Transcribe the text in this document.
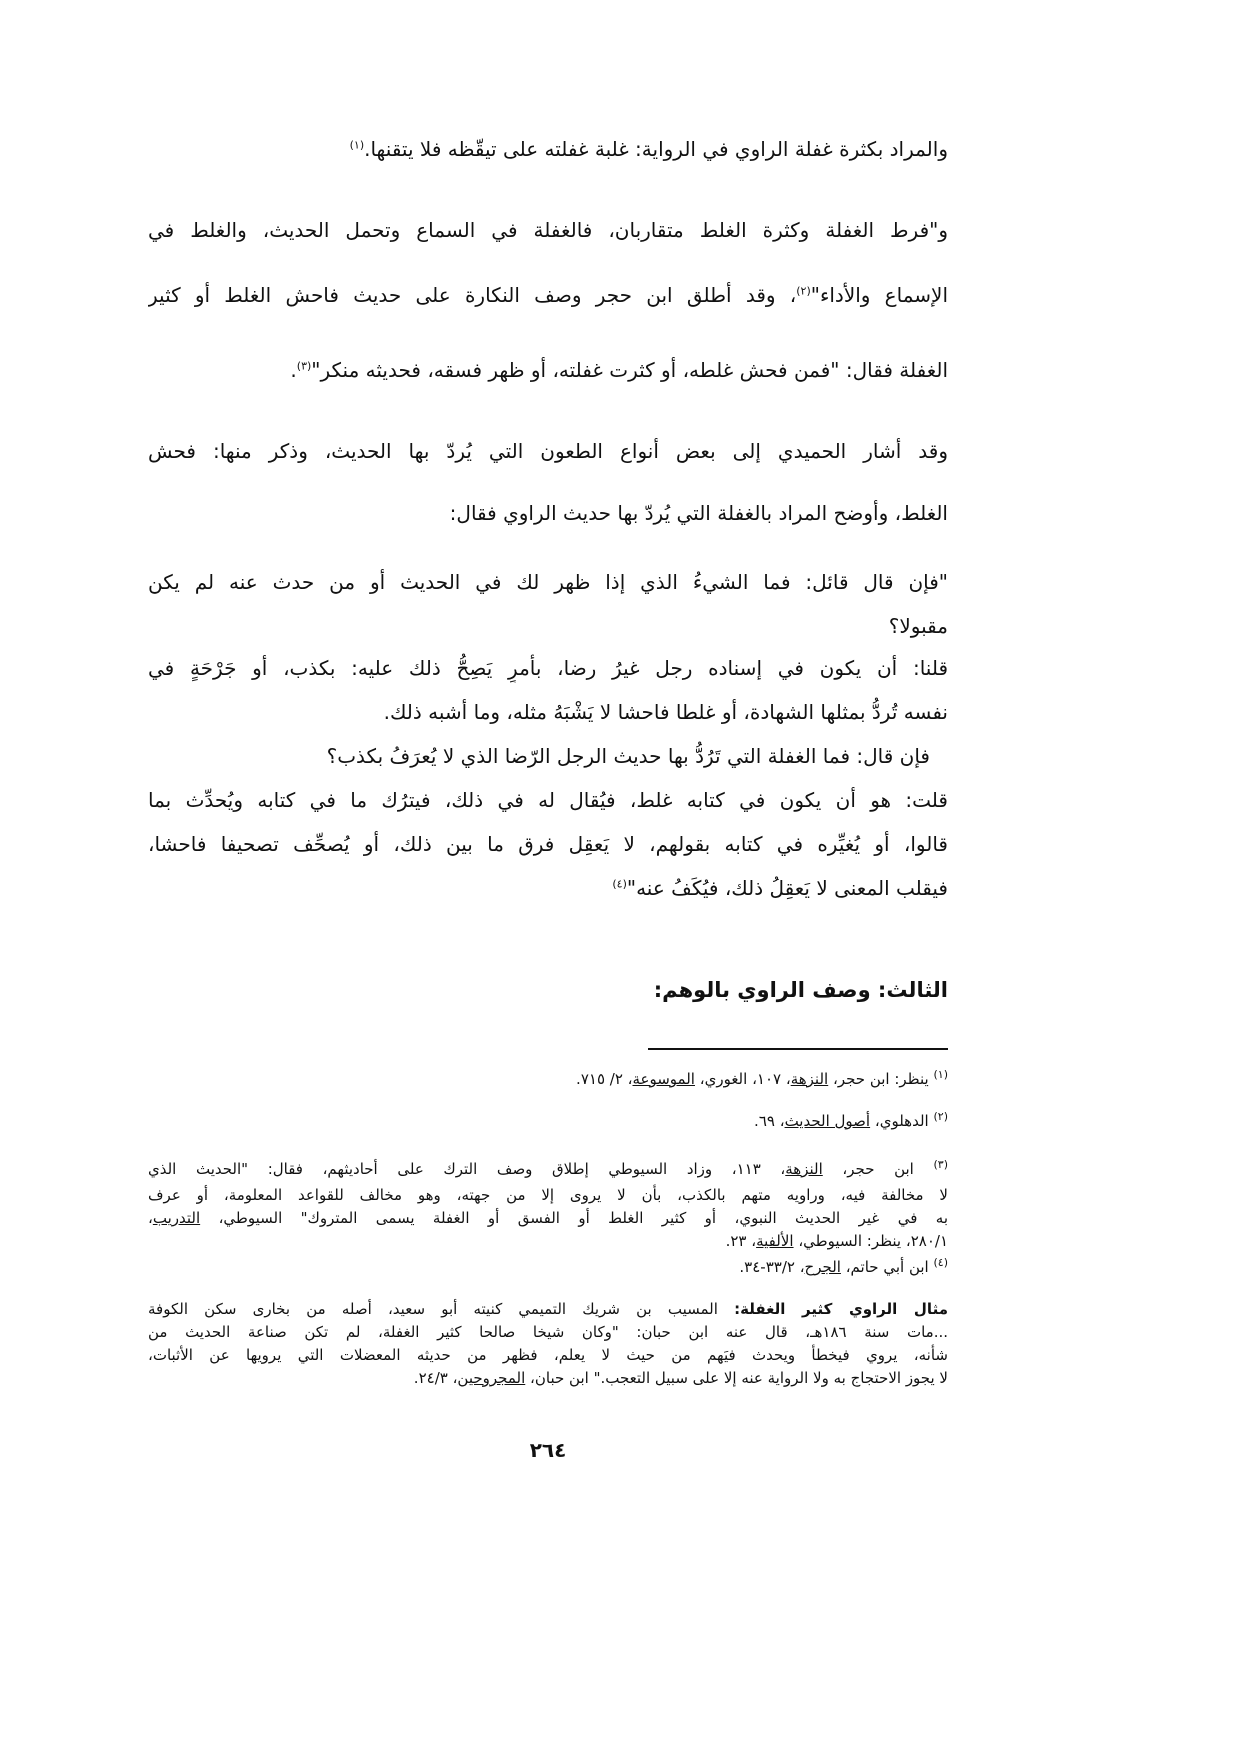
والمراد بكثرة غفلة الراوي في الرواية: غلبة غفلته على تيقّظه فلا يتقنها.$^{(١)}$
و"فرط الغفلة وكثرة الغلط متقاربان، فالغفلة في السماع وتحمل الحديث، والغلط في
الإسماع والأداء"$^{(٢)}$، وقد أطلق ابن حجر وصف النكارة على حديث فاحش الغلط أو كثير
الغفلة فقال: "فمن فحش غلطه، أو كثرت غفلته، أو ظهر فسقه، فحديثه منكر"$^{(٣)}$.
وقد أشار الحميدي إلى بعض أنواع الطعون التي يُردّ بها الحديث، وذكر منها: فحش
الغلط، وأوضح المراد بالغفلة التي يُردّ بها حديث الراوي فقال:
"فإن قال قائل: فما الشيءُ الذي إذا ظهر لك في الحديث أو من حدث عنه لم يكن
مقبولا؟
قلنا: أن يكون في إسناده رجل غيرُ رضا، بأمرٍ يَصِحُّ ذلك عليه: بكذب، أو جَرْحَةٍ في
نفسه تُردُّ بمثلها الشهادة، أو غلطا فاحشا لا يَشْبَهُ مثله، وما أشبه ذلك.
فإن قال: فما الغفلة التي تَرُدُّ بها حديث الرجل الرّضا الذي لا يُعرَفُ بكذب؟
قلت: هو أن يكون في كتابه غلط، فيُقال له في ذلك، فيترُك ما في كتابه ويُحدِّث بما
قالوا، أو يُغيِّره في كتابه بقولهم، لا يَعقِل فرق ما بين ذلك، أو يُصحِّف تصحيفا فاحشا،
فيقلب المعنى لا يَعقِلُ ذلك، فيُكَفُ عنه"$^{(٤)}$
الثالث: وصف الراوي بالوهم:
$^{(١)}$ ينظر: ابن حجر، النزهة، ١٠٧، الغوري، الموسوعة، ٢/ ٧١٥.
$^{(٢)}$ الدهلوي، أصول الحديث، ٦٩.
$^{(٣)}$ ابن حجر، النزهة، ١١٣، وزاد السيوطي إطلاق وصف الترك على أحاديثهم، فقال: "الحديث الذي
لا مخالفة فيه، وراويه متهم بالكذب، بأن لا يروى إلا من جهته، وهو مخالف للقواعد المعلومة، أو عرف
به في غير الحديث النبوي، أو كثير الغلط أو الفسق أو الغفلة يسمى المتروك" السيوطي، التدريب،
٢٨٠/١، ينظر: السيوطي، الألفية، ٢٣.
$^{(٤)}$ ابن أبي حاتم، الجرح، ٣٣/٢-٣٤.
مثال الراوي كثير الغفلة: المسيب بن شريك التميمي كنيته أبو سعيد، أصله من بخارى سكن الكوفة
...مات سنة ١٨٦هـ، قال عنه ابن حبان: "وكان شيخا صالحا كثير الغفلة، لم تكن صناعة الحديث من
شأنه، يروي فيخطأ ويحدث فيَهم من حيث لا يعلم، فظهر من حديثه المعضلات التي يرويها عن الأثبات،
لا يجوز الاحتجاج به ولا الرواية عنه إلا على سبيل التعجب." ابن حبان، المجروحين، ٢٤/٣.
٢٦٤
